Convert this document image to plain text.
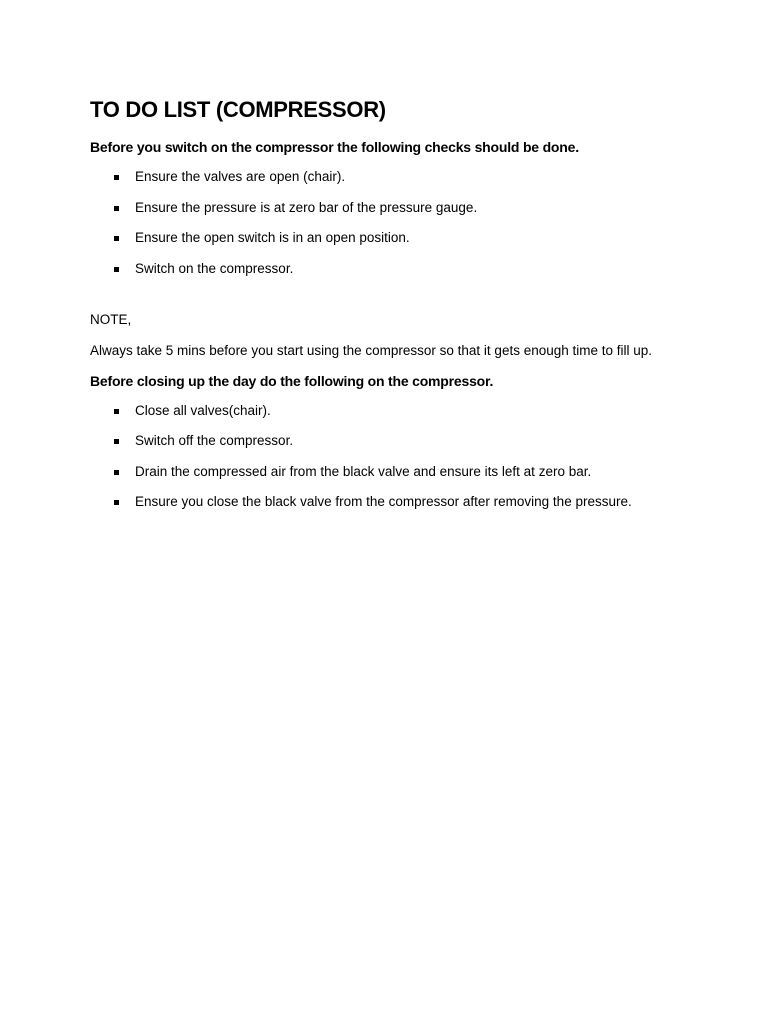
TO DO LIST (COMPRESSOR)

Before you switch on the compressor the following checks should be done.

Ensure the valves are open (chair).
Ensure the pressure is at zero bar of the pressure gauge.
Ensure the open switch is in an open position.
Switch on the compressor.

NOTE,

Always take 5 mins before you start using the compressor so that it gets enough time to fill up.

Before closing up the day do the following on the compressor.

Close all valves(chair).
Switch off the compressor.
Drain the compressed air from the black valve and ensure its left at zero bar.
Ensure you close the black valve from the compressor after removing the pressure.
